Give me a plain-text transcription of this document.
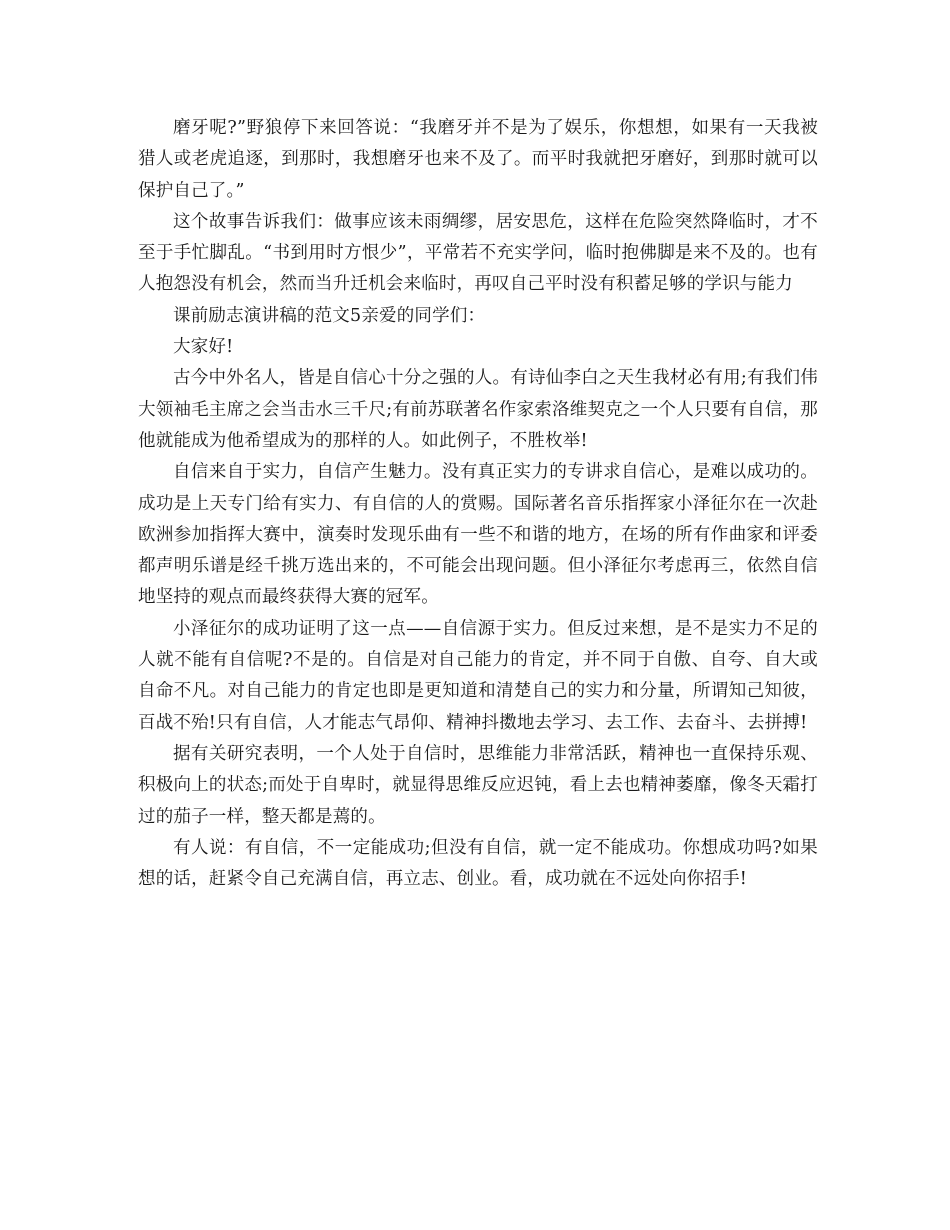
磨牙呢?”野狼停下来回答说：“我磨牙并不是为了娱乐，你想想，如果有一天我被猎人或老虎追逐，到那时，我想磨牙也来不及了。而平时我就把牙磨好，到那时就可以保护自己了。”

这个故事告诉我们：做事应该未雨绸缪，居安思危，这样在危险突然降临时，才不至于手忙脚乱。“书到用时方恨少”，平常若不充实学问，临时抱佛脚是来不及的。也有人抱怨没有机会，然而当升迁机会来临时，再叹自己平时没有积蓄足够的学识与能力

课前励志演讲稿的范文5亲爱的同学们：

大家好!

古今中外名人，皆是自信心十分之强的人。有诗仙李白之天生我材必有用;有我们伟大领袖毛主席之会当击水三千尺;有前苏联著名作家索洛维契克之一个人只要有自信，那他就能成为他希望成为的那样的人。如此例子，不胜枚举!

自信来自于实力，自信产生魅力。没有真正实力的专讲求自信心，是难以成功的。成功是上天专门给有实力、有自信的人的赏赐。国际著名音乐指挥家小泽征尔在一次赴欧洲参加指挥大赛中，演奏时发现乐曲有一些不和谐的地方，在场的所有作曲家和评委都声明乐谱是经千挑万选出来的，不可能会出现问题。但小泽征尔考虑再三，依然自信地坚持的观点而最终获得大赛的冠军。

小泽征尔的成功证明了这一点——自信源于实力。但反过来想，是不是实力不足的人就不能有自信呢?不是的。自信是对自己能力的肯定，并不同于自傲、自夸、自大或自命不凡。对自己能力的肯定也即是更知道和清楚自己的实力和分量，所谓知己知彼，百战不殆!只有自信，人才能志气昂仰、精神抖擞地去学习、去工作、去奋斗、去拼搏!

据有关研究表明，一个人处于自信时，思维能力非常活跃，精神也一直保持乐观、积极向上的状态;而处于自卑时，就显得思维反应迟钝，看上去也精神萎靡，像冬天霜打过的茄子一样，整天都是蔫的。

有人说：有自信，不一定能成功;但没有自信，就一定不能成功。你想成功吗?如果想的话，赶紧令自己充满自信，再立志、创业。看，成功就在不远处向你招手!
